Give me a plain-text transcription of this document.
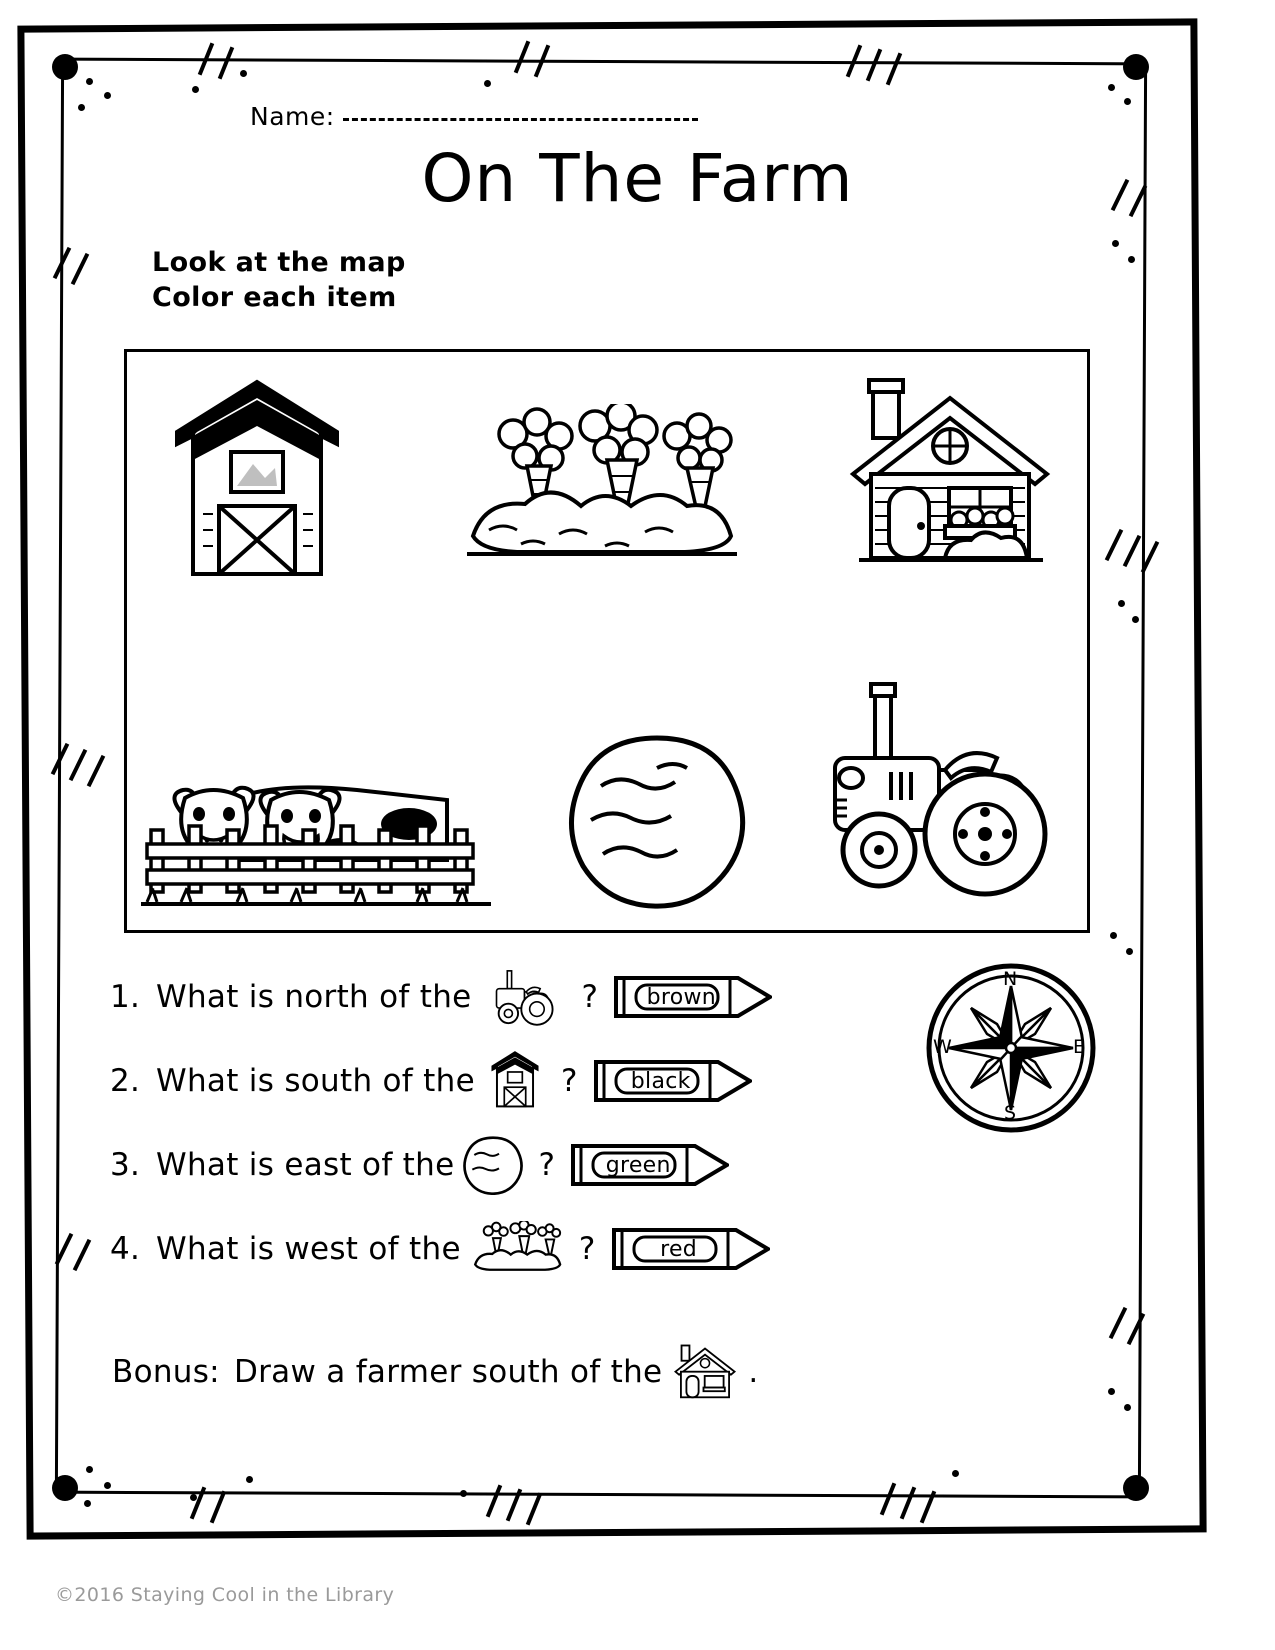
Name:
On The Farm
Look at the map
Color each item
1. What is north of the	?	brown
2. What is south of the	?	black
3. What is east of the	?	green
4. What is west of the	?	red
N
S
E
W
Bonus: Draw a farmer south of the	.
©2016 Staying Cool in the Library
